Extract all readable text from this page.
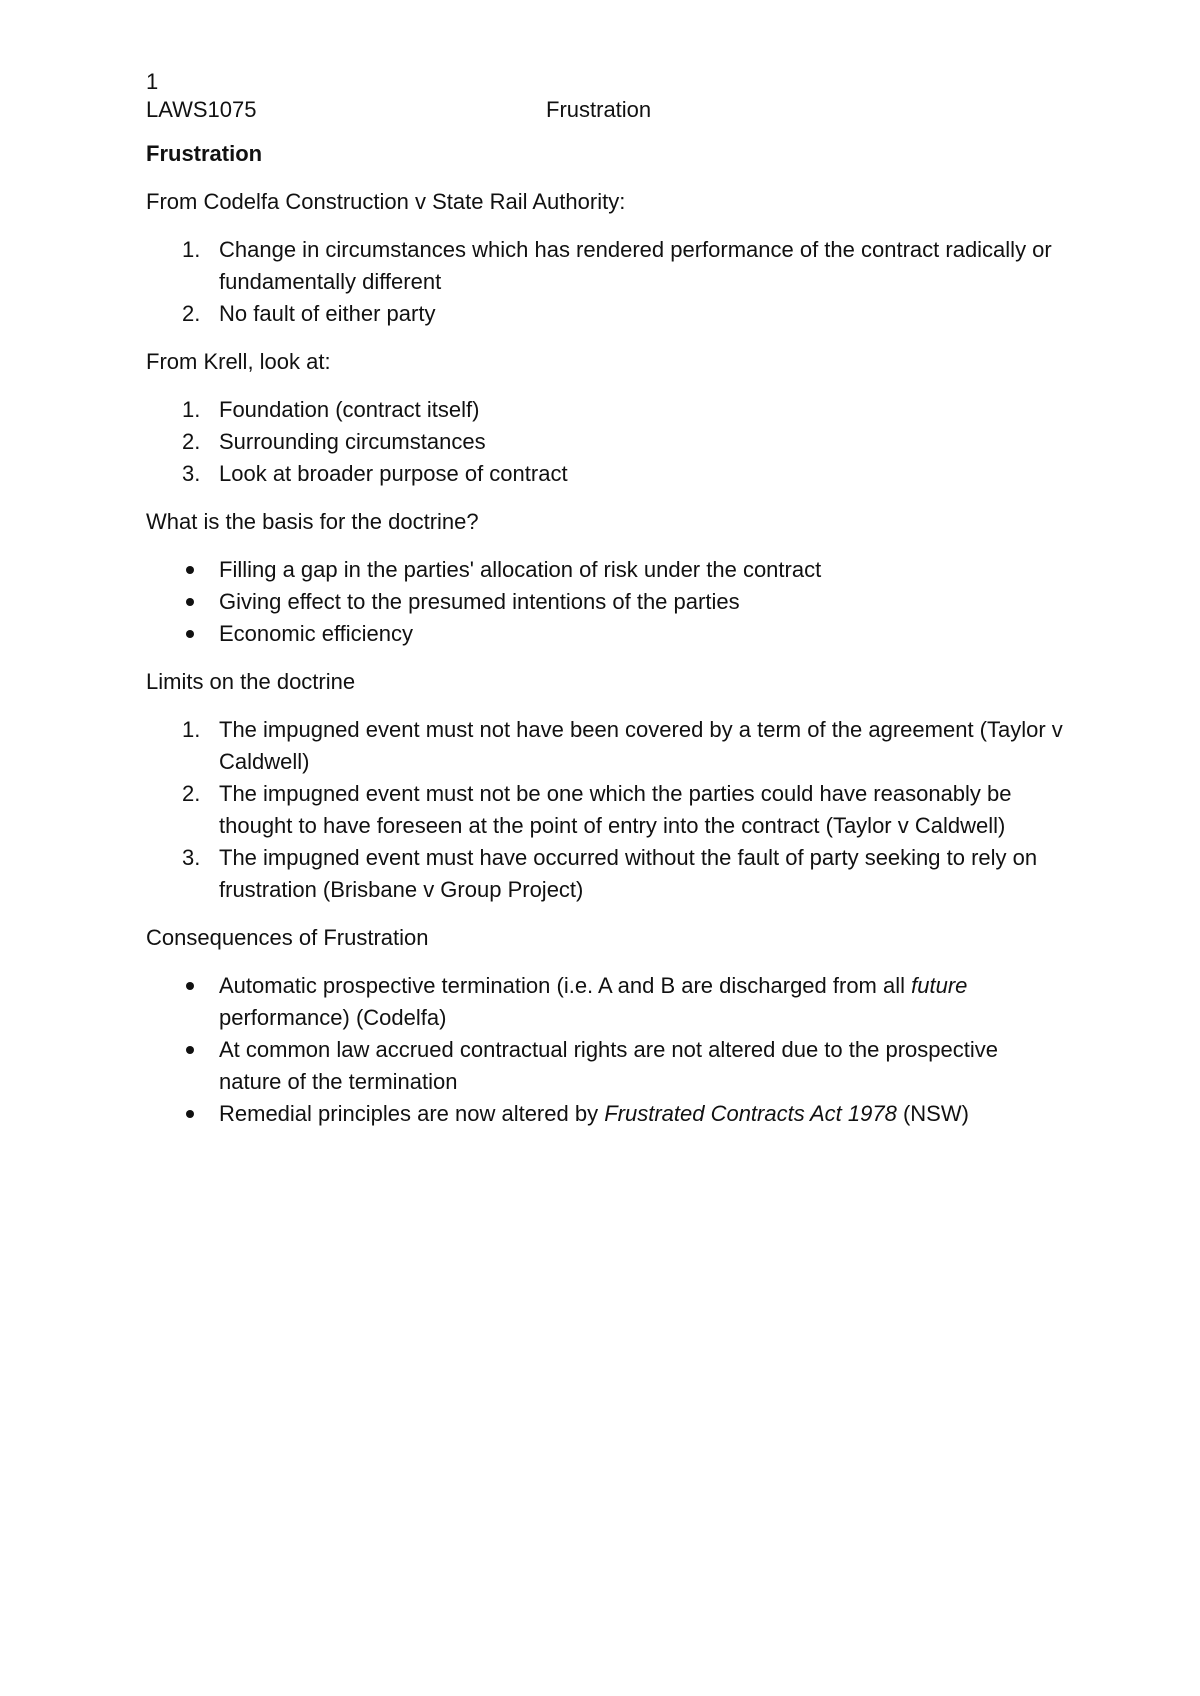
1
LAWS1075	Frustration
Frustration

From Codelfa Construction v State Rail Authority:

1. Change in circumstances which has rendered performance of the contract radically or fundamentally different
2. No fault of either party

From Krell, look at:

1. Foundation (contract itself)
2. Surrounding circumstances
3. Look at broader purpose of contract

What is the basis for the doctrine?

Filling a gap in the parties' allocation of risk under the contract
Giving effect to the presumed intentions of the parties
Economic efficiency

Limits on the doctrine

1. The impugned event must not have been covered by a term of the agreement (Taylor v Caldwell)
2. The impugned event must not be one which the parties could have reasonably be thought to have foreseen at the point of entry into the contract (Taylor v Caldwell)
3. The impugned event must have occurred without the fault of party seeking to rely on frustration (Brisbane v Group Project)

Consequences of Frustration

Automatic prospective termination (i.e. A and B are discharged from all future performance) (Codelfa)
At common law accrued contractual rights are not altered due to the prospective nature of the termination
Remedial principles are now altered by Frustrated Contracts Act 1978 (NSW)
